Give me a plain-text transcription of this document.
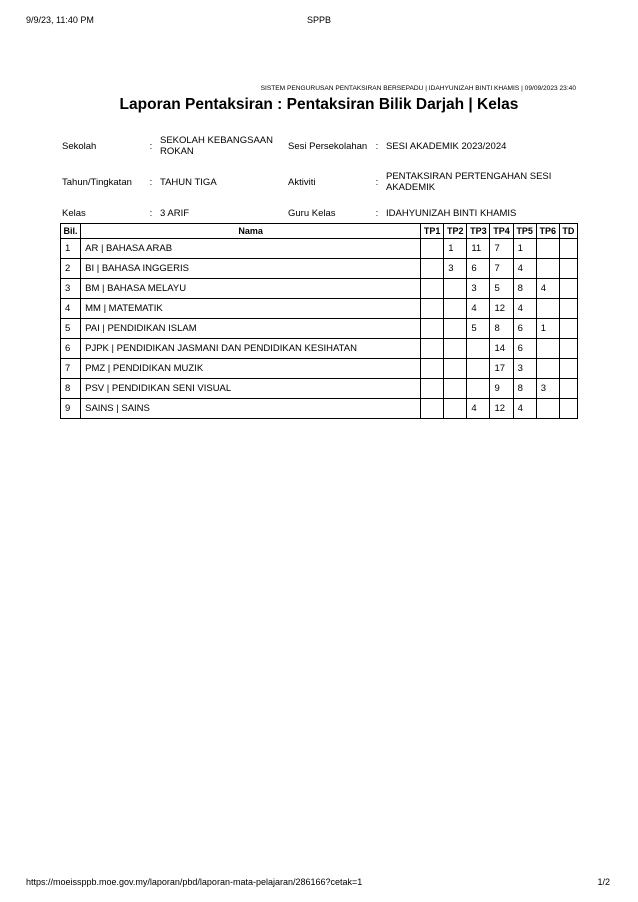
9/9/23, 11:40 PM	SPPB
SISTEM PENGURUSAN PENTAKSIRAN BERSEPADU | IDAHYUNIZAH BINTI KHAMIS | 09/09/2023 23:40
Laporan Pentaksiran : Pentaksiran Bilik Darjah | Kelas
Sekolah	:	SEKOLAH KEBANGSAAN ROKAN	Sesi Persekolahan	:	SESI AKADEMIK 2023/2024
Tahun/Tingkatan	:	TAHUN TIGA	Aktiviti	:	PENTAKSIRAN PERTENGAHAN SESI AKADEMIK
Kelas	:	3 ARIF	Guru Kelas	:	IDAHYUNIZAH BINTI KHAMIS
Bil.	Nama	TP1	TP2	TP3	TP4	TP5	TP6	TD
1	AR | BAHASA ARAB		1	11	7	1		
2	BI | BAHASA INGGERIS		3	6	7	4		
3	BM | BAHASA MELAYU			3	5	8	4	
4	MM | MATEMATIK			4	12	4		
5	PAI | PENDIDIKAN ISLAM			5	8	6	1	
6	PJPK | PENDIDIKAN JASMANI DAN PENDIDIKAN KESIHATAN				14	6		
7	PMZ | PENDIDIKAN MUZIK				17	3		
8	PSV | PENDIDIKAN SENI VISUAL				9	8	3	
9	SAINS | SAINS			4	12	4		
https://moeissppb.moe.gov.my/laporan/pbd/laporan-mata-pelajaran/286166?cetak=1	1/2
